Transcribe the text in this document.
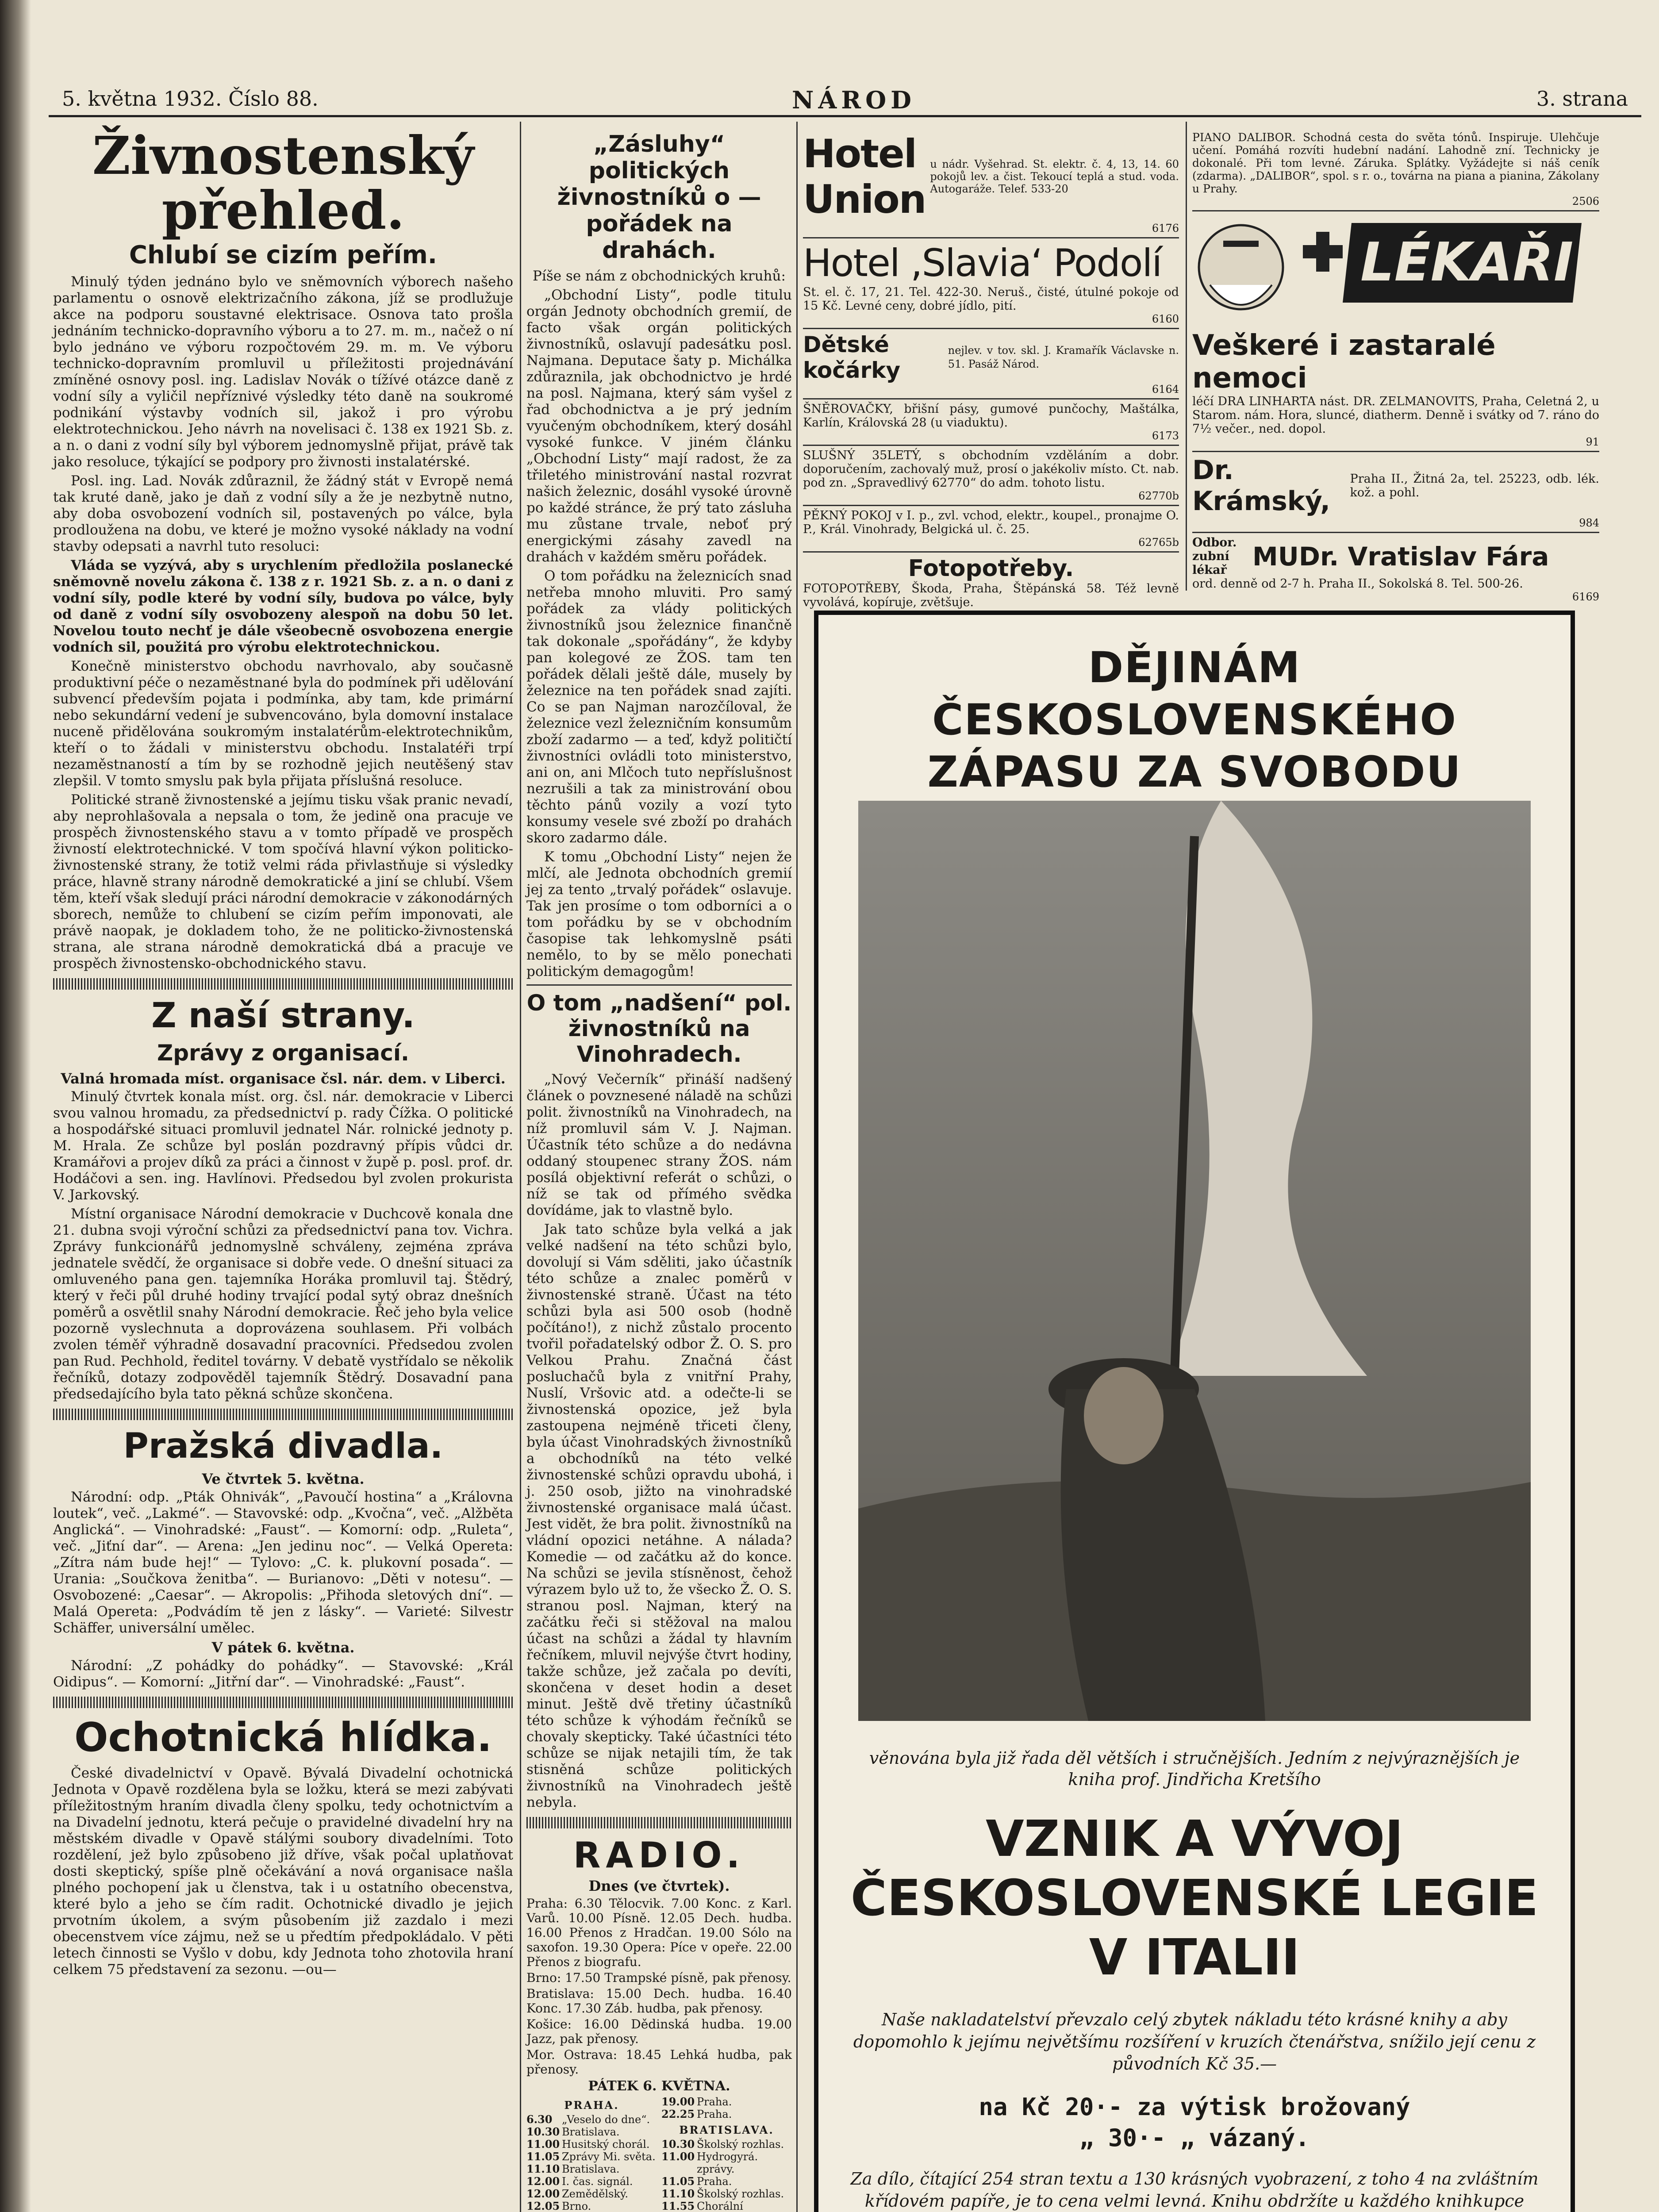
5. května 1932. Číslo 88.	NÁROD	3. strana
Živnostenský přehled.
Chlubí se cizím peřím.

Minulý týden jednáno bylo ve sněmovních výborech našeho parlamentu o osnově elektrizačního zákona, jíž se prodlužuje akce na podporu soustavné elektrisace. Osnova tato prošla jednáním technicko-dopravního výboru a to 27. m. m., načež o ní bylo jednáno ve výboru rozpočtovém 29. m. m. Ve výboru technicko-dopravním promluvil u příležitosti projednávání zmíněné osnovy posl. ing. Ladislav Novák o tížívé otázce daně z vodní síly a vyličil nepříznivé výsledky této daně na soukromé podnikání výstavby vodních sil, jakož i pro výrobu elektrotechnickou. Jeho návrh na novelisaci č. 138 ex 1921 Sb. z. a n. o dani z vodní síly byl výborem jednomyslně přijat, právě tak jako resoluce, týkající se podpory pro živnosti instalatérské.

Posl. ing. Lad. Novák zdůraznil, že žádný stát v Evropě nemá tak kruté daně, jako je daň z vodní síly a že je nezbytně nutno, aby doba osvobození vodních sil, postavených po válce, byla prodloužena na dobu, ve které je možno vysoké náklady na vodní stavby odepsati a navrhl tuto resoluci:

Vláda se vyzývá, aby s urychlením předložila poslanecké sněmovně novelu zákona č. 138 z r. 1921 Sb. z. a n. o dani z vodní síly, podle které by vodní síly, budova po válce, byly od daně z vodní síly osvobozeny alespoň na dobu 50 let. Novelou touto nechť je dále všeobecně osvobozena energie vodních sil, použitá pro výrobu elektrotechnickou.

Konečně ministerstvo obchodu navrhovalo, aby současně produktivní péče o nezaměstnané byla do podmínek při udělování subvencí především pojata i podmínka, aby tam, kde primární nebo sekundární vedení je subvencováno, byla domovní instalace nuceně přidělována soukromým instalatérům-elektrotechnikům, kteří o to žádali v ministerstvu obchodu. Instalatéři trpí nezaměstnaností a tím by se rozhodně jejich neutěšený stav zlepšil. V tomto smyslu pak byla přijata příslušná resoluce.

Politické straně živnostenské a jejímu tisku však pranic nevadí, aby neprohlašovala a nepsala o tom, že jedině ona pracuje ve prospěch živnostenského stavu a v tomto případě ve prospěch živností elektrotechnické. V tom spočívá hlavní výkon politicko-živnostenské strany, že totiž velmi ráda přivlastňuje si výsledky práce, hlavně strany národně demokratické a jiní se chlubí. Všem těm, kteří však sledují práci národní demokracie v zákonodárných sborech, nemůže to chlubení se cizím peřím imponovati, ale právě naopak, je dokladem toho, že ne politicko-živnostenská strana, ale strana národně demokratická dbá a pracuje ve prospěch živnostensko-obchodnického stavu.

Z naší strany.
Zprávy z organisací.
Valná hromada míst. organisace čsl. nár. dem. v Liberci.

Minulý čtvrtek konala míst. org. čsl. nár. demokracie v Liberci svou valnou hromadu, za předsednictví p. rady Čížka. O politické a hospodářské situaci promluvil jednatel Nár. rolnické jednoty p. M. Hrala. Ze schůze byl poslán pozdravný přípis vůdci dr. Kramářovi a projev díků za práci a činnost v župě p. posl. prof. dr. Hodáčovi a sen. ing. Havlínovi. Předsedou byl zvolen prokurista V. Jarkovský.

Místní organisace Národní demokracie v Duchcově konala dne 21. dubna svoji výroční schůzi za předsednictví pana tov. Vichra. Zprávy funkcionářů jednomyslně schváleny, zejména zpráva jednatele svědčí, že organisace si dobře vede. O dnešní situaci za omluveného pana gen. tajemníka Horáka promluvil taj. Štědrý, který v řeči půl druhé hodiny trvající podal sytý obraz dnešních poměrů a osvětlil snahy Národní demokracie. Řeč jeho byla velice pozorně vyslechnuta a doprovázena souhlasem. Při volbách zvolen téměř výhradně dosavadní pracovníci. Předsedou zvolen pan Rud. Pechhold, ředitel továrny. V debatě vystřídalo se několik řečníků, dotazy zodpověděl tajemník Štědrý. Dosavadní pana předsedajícího byla tato pěkná schůze skončena.

Pražská divadla.
Ve čtvrtek 5. května.

Národní: odp. „Pták Ohnivák“, „Pavoučí hostina“ a „Královna loutek“, več. „Lakmé“. — Stavovské: odp. „Kvočna“, več. „Alžběta Anglická“. — Vinohradské: „Faust“. — Komorní: odp. „Ruleta“, več. „Jiťní dar“. — Arena: „Jen jedinu noc“. — Velká Opereta: „Zítra nám bude hej!“ — Tylovo: „C. k. plukovní posada“. — Urania: „Součkova ženitba“. — Burianovo: „Děti v notesu“. — Osvobozené: „Caesar“. — Akropolis: „Přihoda sletových dní“. — Malá Opereta: „Podvádím tě jen z lásky“. — Varieté: Silvestr Schäffer, universální umělec.

V pátek 6. května.

Národní: „Z pohádky do pohádky“. — Stavovské: „Král Oidipus“. — Komorní: „Jitřní dar“. — Vinohradské: „Faust“.

Ochotnická hlídka.

České divadelnictví v Opavě. Bývalá Divadelní ochotnická Jednota v Opavě rozdělena byla se ložku, která se mezi zabývati příležitostným hraním divadla členy spolku, tedy ochotnictvím a na Divadelní jednotu, která pečuje o pravidelné divadelní hry na městském divadle v Opavě stálými soubory divadelními. Toto rozdělení, jež bylo způsobeno již dříve, však počal uplatňovat dosti skeptický, spíše plně očekávání a nová organisace našla plného pochopení jak u členstva, tak i u ostatního obecenstva, které bylo a jeho se čím radit. Ochotnické divadlo je jejich prvotním úkolem, a svým působením již zazdalo i mezi obecenstvem více zájmu, než se u předtím předpokládalo. V pěti letech činnosti se Vyšlo v dobu, kdy Jednota toho zhotovila hraní celkem 75 představení za sezonu. —ou—

„Zásluhy“ politických živnostníků o — pořádek na drahách.

Píše se nám z obchodnických kruhů:

„Obchodní Listy“, podle titulu orgán Jednoty obchodních gremií, de facto však orgán politických živnostníků, oslavují padesátku posl. Najmana. Deputace šaty p. Michálka zdůraznila, jak obchodnictvo je hrdé na posl. Najmana, který sám vyšel z řad obchodnictva a je prý jedním vyučeným obchodníkem, který dosáhl vysoké funkce. V jiném článku „Obchodní Listy“ mají radost, že za třiletého ministrování nastal rozvrat našich železnic, dosáhl vysoké úrovně po každé stránce, že prý tato zásluha mu zůstane trvale, neboť prý energickými zásahy zavedl na drahách v každém směru pořádek.

O tom pořádku na železnicích snad netřeba mnoho mluviti. Pro samý pořádek za vlády politických živnostníků jsou železnice finančně tak dokonale „spořádány“, že kdyby pan kolegové ze ŽOS. tam ten pořádek dělali ještě dále, musely by železnice na ten pořádek snad zajíti. Co se pan Najman narozčíloval, že železnice vezl železničním konsumům zboží zadarmo — a teď, když političtí živnostníci ovládli toto ministerstvo, ani on, ani Mlčoch tuto nepříslušnost nezrušili a tak za ministrování obou těchto pánů vozily a vozí tyto konsumy vesele své zboží po drahách skoro zadarmo dále.

K tomu „Obchodní Listy“ nejen že mlčí, ale Jednota obchodních gremií jej za tento „trvalý pořádek“ oslavuje. Tak jen prosíme o tom odborníci a o tom pořádku by se v obchodním časopise tak lehkomyslně psáti nemělo, to by se mělo ponechati politickým demagogům!

O tom „nadšení“ pol. živnostníků na Vinohradech.

„Nový Večerník“ přináší nadšený článek o povznesené náladě na schůzi polit. živnostníků na Vinohradech, na níž promluvil sám V. J. Najman. Účastník této schůze a do nedávna oddaný stoupenec strany ŽOS. nám posílá objektivní referát o schůzi, o níž se tak od přímého svědka dovídáme, jak to vlastně bylo.

Jak tato schůze byla velká a jak velké nadšení na této schůzi bylo, dovolují si Vám sděliti, jako účastník této schůze a znalec poměrů v živnostenské straně. Účast na této schůzi byla asi 500 osob (hodně počítáno!), z nichž zůstalo procento tvořil pořadatelský odbor Ž. O. S. pro Velkou Prahu. Značná část posluchačů byla z vnitřní Prahy, Nuslí, Vršovic atd. a odečte-li se živnostenská opozice, jež byla zastoupena nejméně třiceti členy, byla účast Vinohradských živnostníků a obchodníků na této velké živnostenské schůzi opravdu ubohá, i j. 250 osob, jižto na vinohradské živnostenské organisace malá účast. Jest vidět, že bra polit. živnostníků na vládní opozici netáhne. A nálada? Komedie — od začátku až do konce. Na schůzi se jevila stísněnost, čehož výrazem bylo už to, že všecko Ž. O. S. stranou posl. Najman, který na začátku řeči si stěžoval na malou účast na schůzi a žádal ty hlavním řečníkem, mluvil nejvýše čtvrt hodiny, takže schůze, jež začala po devíti, skončena v deset hodin a deset minut. Ještě dvě třetiny účastníků této schůze k výhodám řečníků se chovaly skepticky. Také účastníci této schůze se nijak netajili tím, že tak stisněná schůze politických živnostníků na Vinohradech ještě nebyla.

RADIO.
Dnes (ve čtvrtek).

Praha: 6.30 Tělocvik. 7.00 Konc. z Karl. Varů. 10.00 Písně. 12.05 Dech. hudba. 16.00 Přenos z Hradčan. 19.00 Sólo na saxofon. 19.30 Opera: Píce v opeře. 22.00 Přenos z biografu.

Brno: 17.50 Trampské písně, pak přenosy.

Bratislava: 15.00 Dech. hudba. 16.40 Konc. 17.30 Záb. hudba, pak přenosy.

Košice: 16.00 Dědinská hudba. 19.00 Jazz, pak přenosy.

Mor. Ostrava: 18.45 Lehká hudba, pak přenosy.

PÁTEK 6. KVĚTNA.
PRAHA.
6.30 „Veselo do dne“.
10.30 Bratislava.
11.00 Husitský chorál.
11.05 Zprávy Mi. světa.
11.10 Bratislava.
12.00 I. čas. signál.
12.00 Zemědělský.
12.05 Brno.
19.00 Praha.
22.25 Praha.
BRATISLAVA.
10.30 Školský rozhlas.
11.00 Hydrogyrá. zprávy.
11.05 Praha.
11.10 Školský rozhlas.
11.55 Chorální
Hotel Union
u nádr. Vyšehrad. St. elektr. č. 4, 13, 14. 60 pokojů lev. a čist. Tekoucí teplá a stud. voda. Autogaráže. Telef. 533-20
6176
Hotel ,Slavia‘ Podolí
St. el. č. 17, 21. Tel. 422-30. Neruš., čisté, útulné pokoje od 15 Kč. Levné ceny, dobré jídlo, pití.
6160
Dětské kočárky
nejlev. v tov. skl. J. Kramařík Václavske n. 51. Pasáž Národ.
6164
ŠNĚROVAČKY, břišní pásy, gumové punčochy, Maštálka, Karlín, Královská 28 (u viaduktu).
6173
SLUŠNÝ 35LETÝ, s obchodním vzděláním a dobr. doporučením, zachovalý muž, prosí o jakékoliv místo. Ct. nab. pod zn. „Spravedlivý 62770“ do adm. tohoto listu.
62770b
PĚKNÝ POKOJ v I. p., zvl. vchod, elektr., koupel., pronajme O. P., Král. Vinohrady, Belgická ul. č. 25.
62765b
Fotopotřeby.
FOTOPOTŘEBY, Škoda, Praha, Štěpánská 58. Též levně vyvolává, kopíruje, zvětšuje.
PIANO DALIBOR. Schodná cesta do světa tónů. Inspiruje. Ulehčuje učení. Pomáhá rozvíti hudební nadání. Lahodně zní. Technicky je dokonalé. Při tom levné. Záruka. Splátky. Vyžádejte si náš ceník (zdarma). „DALIBOR“, spol. s r. o., továrna na piana a pianina, Zákolany u Prahy.
2506
LÉKAŘI
Veškeré i zastaralé nemoci
léčí DRA LINHARTA nást. DR. ZELMANOVITS, Praha, Celetná 2, u Starom. nám. Hora, sluncé, diatherm. Denně i svátky od 7. ráno do 7½ večer., ned. dopol.
91
Dr. Krámský,
Praha II., Žitná 2a, tel. 25223, odb. lék. kož. a pohl.
984
Odbor. zubní lékař	MUDr. Vratislav Fára
ord. denně od 2-7 h. Praha II., Sokolská 8. Tel. 500-26.
6169
DĚJINÁM ČESKOSLOVENSKÉHO
ZÁPASU ZA SVOBODU
věnována byla již řada děl větších i stručnějších. Jedním z nejvýraznějších je kniha prof. Jindřicha Kretšího
VZNIK A VÝVOJ
ČESKOSLOVENSKÉ LEGIE
V ITALII
Naše nakladatelství převzalo celý zbytek nákladu této krásné knihy a aby dopomohlo k jejímu největšímu rozšíření v kruzích čtenářstva, snížilo její cenu z původních Kč 35.—
na Kč 20·- za výtisk brožovaný
„ 30·- „ vázaný.
Za dílo, čítající 254 stran textu a 130 krásných vyobrazení, z toho 4 na zvláštním křídovém papíře, je to cena velmi levná. Knihu obdržíte u každého knihkupce
